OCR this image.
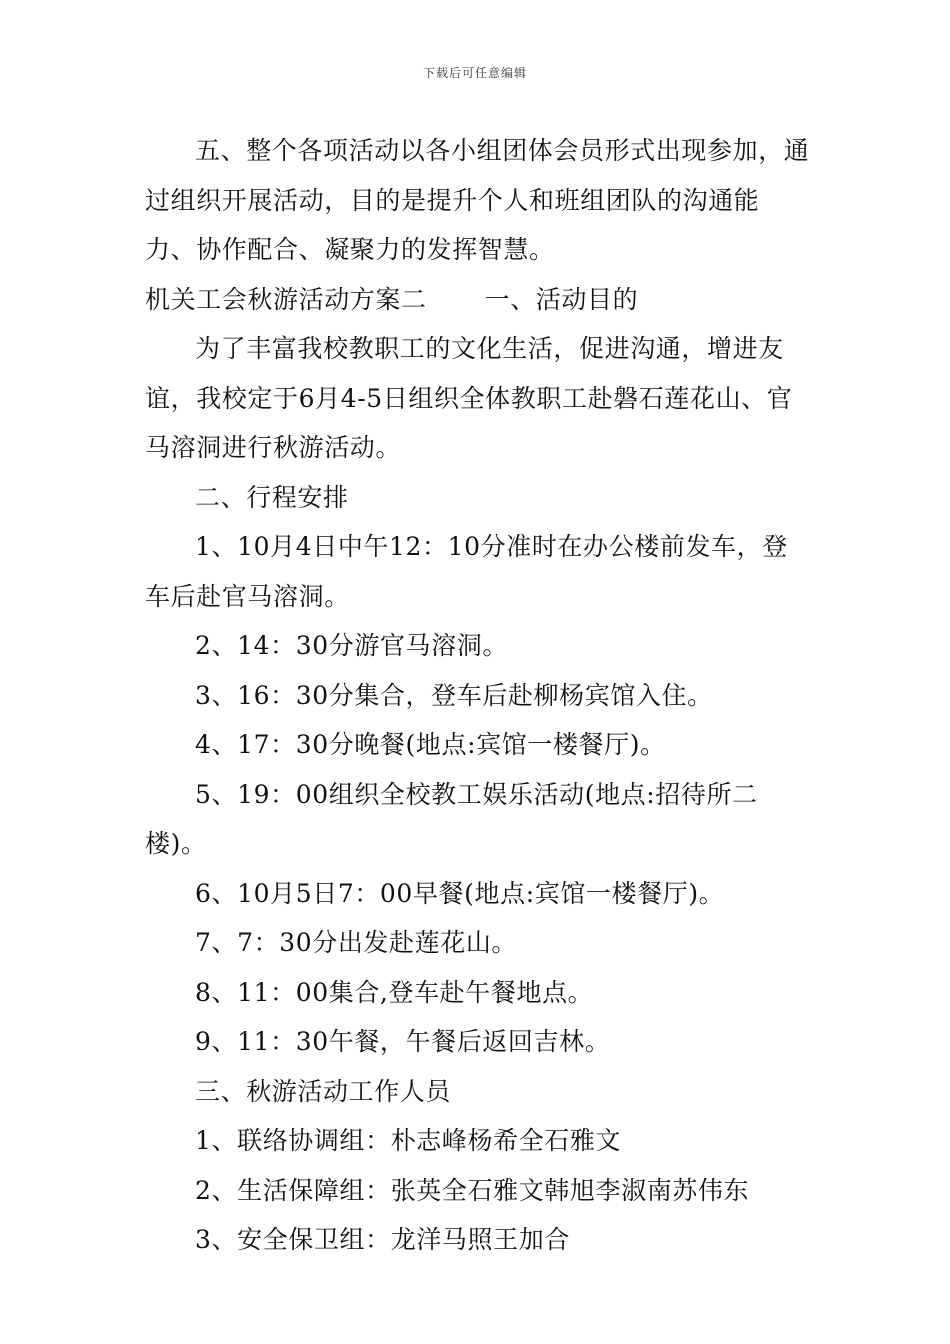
下载后可任意编辑

五、整个各项活动以各小组团体会员形式出现参加，通过组织开展活动，目的是提升个人和班组团队的沟通能力、协作配合、凝聚力的发挥智慧。

机关工会秋游活动方案二 一、活动目的

为了丰富我校教职工的文化生活，促进沟通，增进友谊，我校定于6月4-5日组织全体教职工赴磐石莲花山、官马溶洞进行秋游活动。

二、行程安排

1、10月4日中午12：10分准时在办公楼前发车，登车后赴官马溶洞。

2、14：30分游官马溶洞。

3、16：30分集合，登车后赴柳杨宾馆入住。

4、17：30分晚餐(地点:宾馆一楼餐厅)。

5、19：00组织全校教工娱乐活动(地点:招待所二楼)。

6、10月5日7：00早餐(地点:宾馆一楼餐厅)。

7、7：30分出发赴莲花山。

8、11：00集合,登车赴午餐地点。

9、11：30午餐，午餐后返回吉林。

三、秋游活动工作人员

1、联络协调组：朴志峰杨希全石雅文

2、生活保障组：张英全石雅文韩旭李淑南苏伟东

3、安全保卫组：龙洋马照王加合
